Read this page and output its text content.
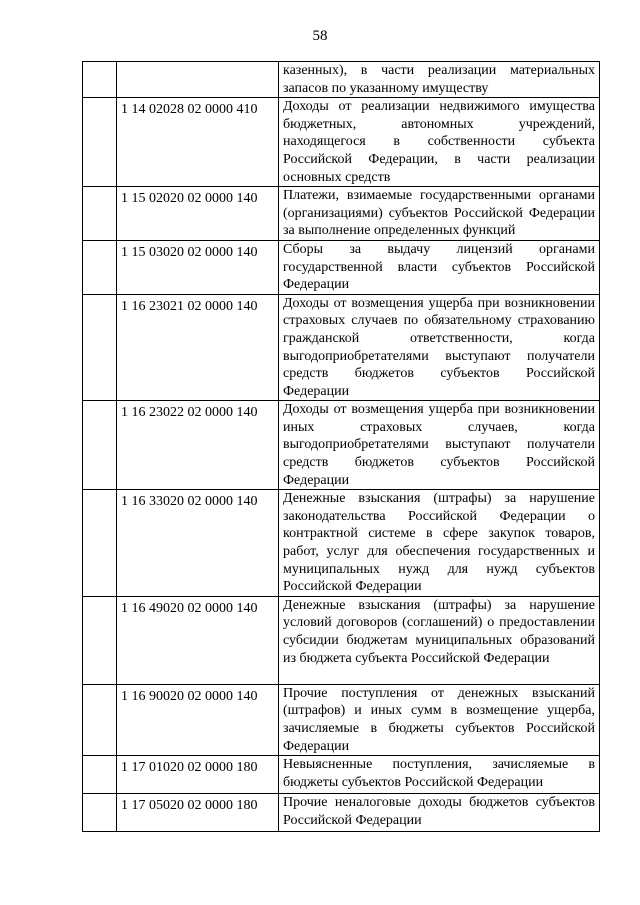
58

		казенных), в части реализации материальных запасов по указанному имуществу

	1 14 02028 02 0000 410	Доходы от реализации недвижимого имущества бюджетных, автономных учреждений, находящегося в собственности субъекта Российской Федерации, в части реализации основных средств

	1 15 02020 02 0000 140	Платежи, взимаемые государственными органами (организациями) субъектов Российской Федерации за выполнение определенных функций

	1 15 03020 02 0000 140	Сборы за выдачу лицензий органами государственной власти субъектов Российской Федерации

	1 16 23021 02 0000 140	Доходы от возмещения ущерба при возникновении страховых случаев по обязательному страхованию гражданской ответственности, когда выгодоприобретателями выступают получатели средств бюджетов субъектов Российской Федерации

	1 16 23022 02 0000 140	Доходы от возмещения ущерба при возникновении иных страховых случаев, когда выгодоприобретателями выступают получатели средств бюджетов субъектов Российской Федерации

	1 16 33020 02 0000 140	Денежные взыскания (штрафы) за нарушение законодательства Российской Федерации о контрактной системе в сфере закупок товаров, работ, услуг для обеспечения государственных и муниципальных нужд для нужд субъектов Российской Федерации

	1 16 49020 02 0000 140	Денежные взыскания (штрафы) за нарушение условий договоров (соглашений) о предоставлении субсидии бюджетам муниципальных образований из бюджета субъекта Российской Федерации

	1 16 90020 02 0000 140	Прочие поступления от денежных взысканий (штрафов) и иных сумм в возмещение ущерба, зачисляемые в бюджеты субъектов Российской Федерации

	1 17 01020 02 0000 180	Невыясненные поступления, зачисляемые в бюджеты субъектов Российской Федерации

	1 17 05020 02 0000 180	Прочие неналоговые доходы бюджетов субъектов Российской Федерации
